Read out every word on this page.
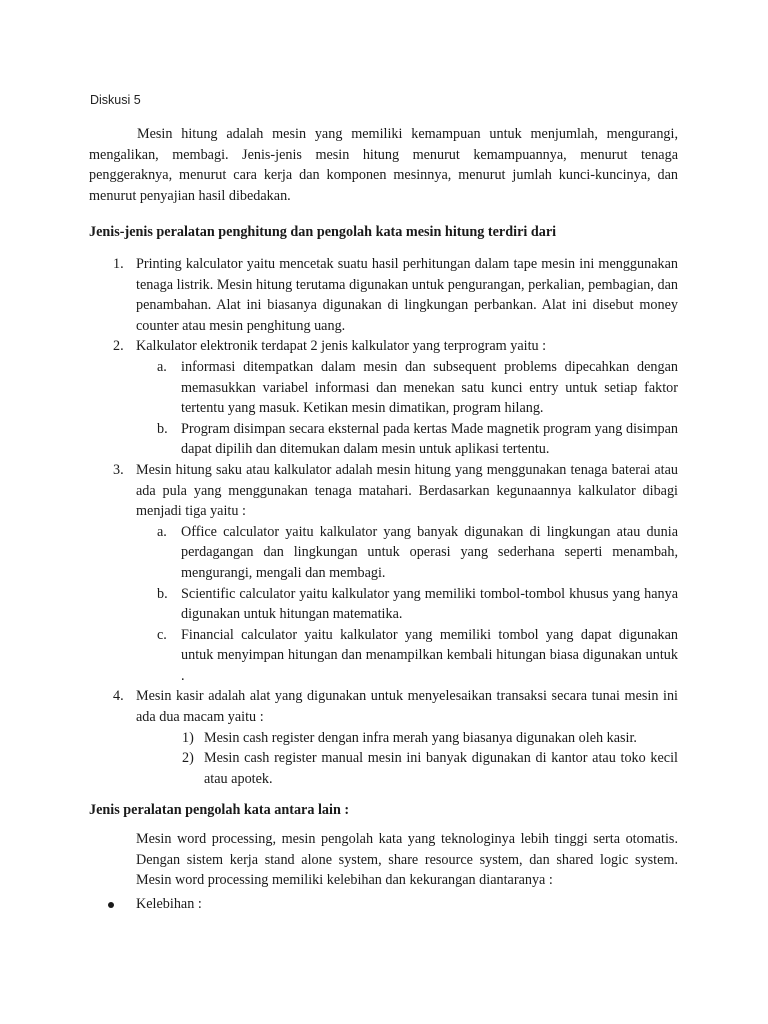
Diskusi 5

Mesin hitung adalah mesin yang memiliki kemampuan untuk menjumlah, mengurangi, mengalikan, membagi. Jenis-jenis mesin hitung menurut kemampuannya, menurut tenaga penggeraknya, menurut cara kerja dan komponen mesinnya, menurut jumlah kunci-kuncinya, dan menurut penyajian hasil dibedakan.

Jenis-jenis peralatan penghitung dan pengolah kata mesin hitung terdiri dari
1. Printing kalculator yaitu mencetak suatu hasil perhitungan dalam tape mesin ini menggunakan tenaga listrik. Mesin hitung terutama digunakan untuk pengurangan, perkalian, pembagian, dan penambahan. Alat ini biasanya digunakan di lingkungan perbankan. Alat ini disebut money counter atau mesin penghitung uang.

2. Kalkulator elektronik terdapat 2 jenis kalkulator yang terprogram yaitu :

a. informasi ditempatkan dalam mesin dan subsequent problems dipecahkan dengan memasukkan variabel informasi dan menekan satu kunci entry untuk setiap faktor tertentu yang masuk. Ketikan mesin dimatikan, program hilang.

b. Program disimpan secara eksternal pada kertas Made magnetik program yang disimpan dapat dipilih dan ditemukan dalam mesin untuk aplikasi tertentu.

3. Mesin hitung saku atau kalkulator adalah mesin hitung yang menggunakan tenaga baterai atau ada pula yang menggunakan tenaga matahari. Berdasarkan kegunaannya kalkulator dibagi menjadi tiga yaitu :

a. Office calculator yaitu kalkulator yang banyak digunakan di lingkungan atau dunia perdagangan dan lingkungan untuk operasi yang sederhana seperti menambah, mengurangi, mengali dan membagi.

b. Scientific calculator yaitu kalkulator yang memiliki tombol-tombol khusus yang hanya digunakan untuk hitungan matematika.

c. Financial calculator yaitu kalkulator yang memiliki tombol yang dapat digunakan untuk menyimpan hitungan dan menampilkan kembali hitungan biasa digunakan untuk .

4. Mesin kasir adalah alat yang digunakan untuk menyelesaikan transaksi secara tunai mesin ini ada dua macam yaitu :

1) Mesin cash register dengan infra merah yang biasanya digunakan oleh kasir.

2) Mesin cash register manual mesin ini banyak digunakan di kantor atau toko kecil atau apotek.

Jenis peralatan pengolah kata antara lain :

Mesin word processing, mesin pengolah kata yang teknologinya lebih tinggi serta otomatis. Dengan sistem kerja stand alone system, share resource system, dan shared logic system. Mesin word processing memiliki kelebihan dan kekurangan diantaranya :

Kelebihan :
